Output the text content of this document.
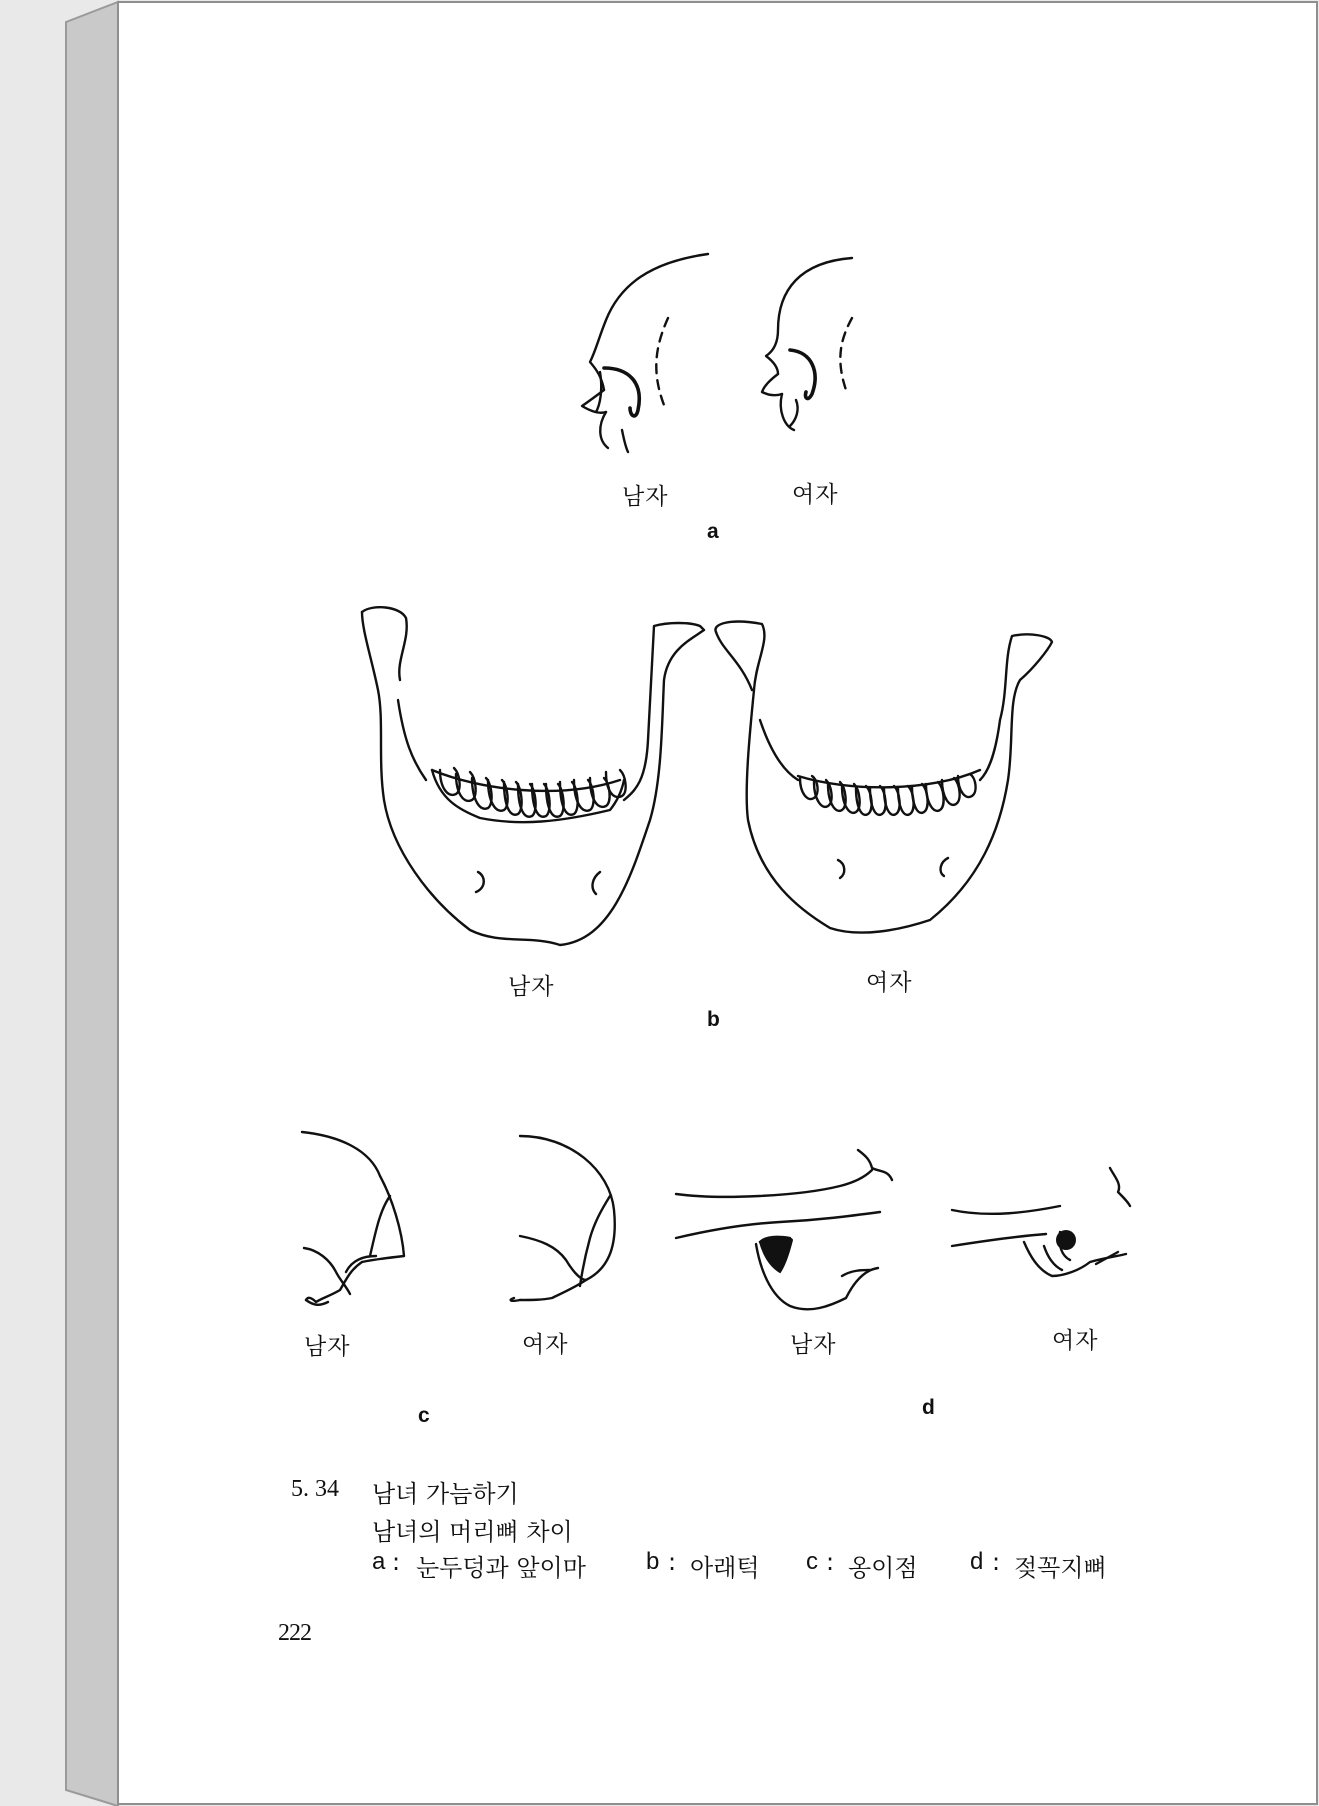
남자	여자
a
남자	여자
b
남자	여자
c
남자	여자
d
5. 34 남녀 가늠하기
남녀의 머리뼈 차이
a : 눈두덩과 앞이마	b : 아래턱 c : 옹이점 d : 젖꼭지뼈
222
